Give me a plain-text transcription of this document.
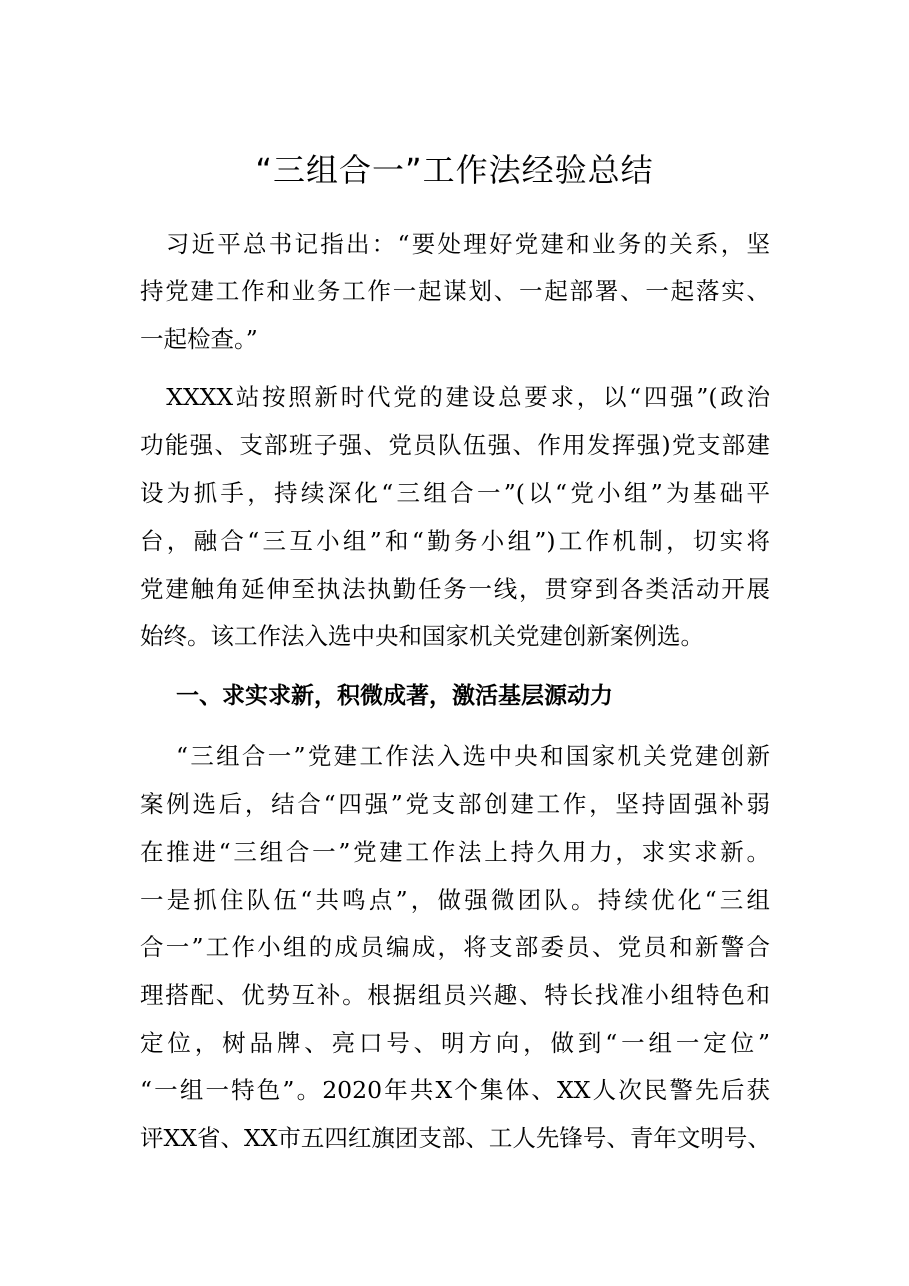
“三组合一”工作法经验总结
　习近平总书记指出：“要处理好党建和业务的关系，坚
持党建工作和业务工作一起谋划、一起部署、一起落实、
一起检查。”
　XXXX站按照新时代党的建设总要求，以“四强”(政治
功能强、支部班子强、党员队伍强、作用发挥强)党支部建
设为抓手，持续深化“三组合一”(以“党小组”为基础平
台，融合“三互小组”和“勤务小组”)工作机制，切实将
党建触角延伸至执法执勤任务一线，贯穿到各类活动开展
始终。该工作法入选中央和国家机关党建创新案例选。
一、求实求新，积微成著，激活基层源动力
“三组合一”党建工作法入选中央和国家机关党建创新
案例选后，结合“四强”党支部创建工作，坚持固强补弱
在推进“三组合一”党建工作法上持久用力，求实求新。
一是抓住队伍“共鸣点”，做强微团队。持续优化“三组
合一”工作小组的成员编成，将支部委员、党员和新警合
理搭配、优势互补。根据组员兴趣、特长找准小组特色和
定位，树品牌、亮口号、明方向，做到“一组一定位”
“一组一特色”。2020年共X个集体、XX人次民警先后获
评XX省、XX市五四红旗团支部、工人先锋号、青年文明号、
